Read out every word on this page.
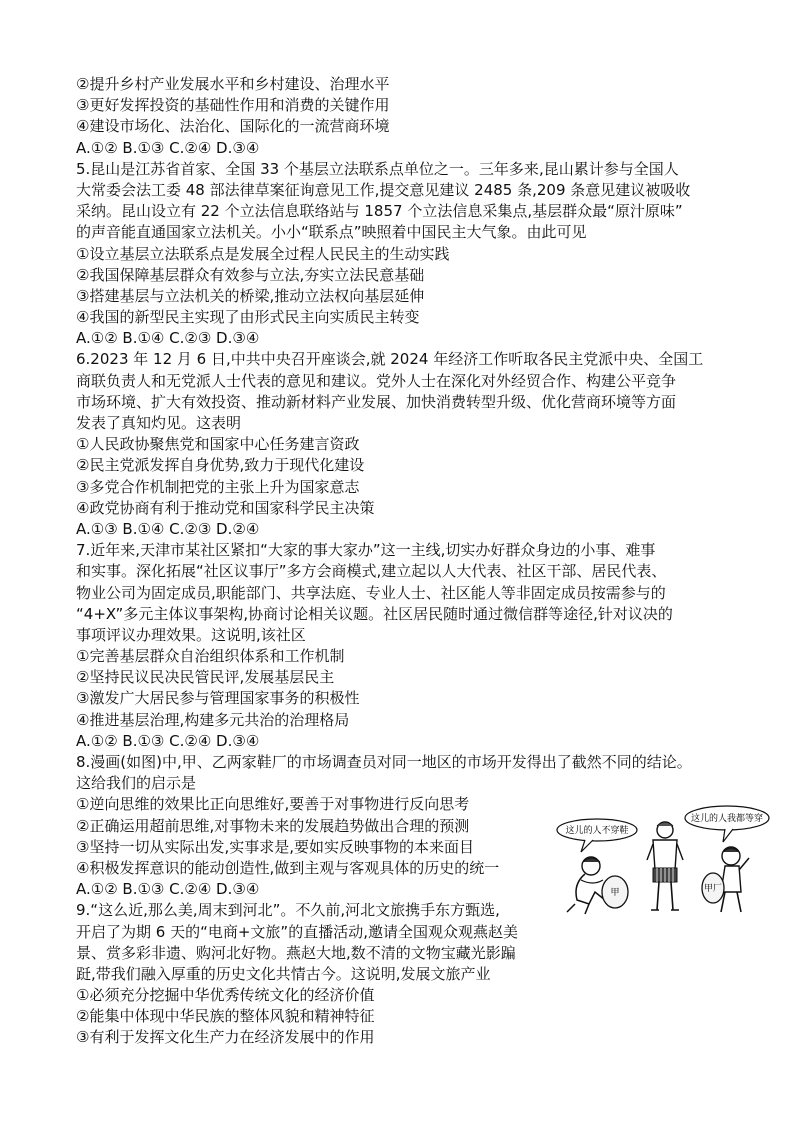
②提升乡村产业发展水平和乡村建设、治理水平
③更好发挥投资的基础性作用和消费的关键作用
④建设市场化、法治化、国际化的一流营商环境
A.①② B.①③ C.②④ D.③④
5.昆山是江苏省首家、全国 33 个基层立法联系点单位之一。三年多来,昆山累计参与全国人
大常委会法工委 48 部法律草案征询意见工作,提交意见建议 2485 条,209 条意见建议被吸收
采纳。昆山设立有 22 个立法信息联络站与 1857 个立法信息采集点,基层群众最“原汁原味”
的声音能直通国家立法机关。小小“联系点”映照着中国民主大气象。由此可见
①设立基层立法联系点是发展全过程人民民主的生动实践
②我国保障基层群众有效参与立法,夯实立法民意基础
③搭建基层与立法机关的桥梁,推动立法权向基层延伸
④我国的新型民主实现了由形式民主向实质民主转变
A.①② B.①④ C.②③ D.③④
6.2023 年 12 月 6 日,中共中央召开座谈会,就 2024 年经济工作听取各民主党派中央、全国工
商联负责人和无党派人士代表的意见和建议。党外人士在深化对外经贸合作、构建公平竞争
市场环境、扩大有效投资、推动新材料产业发展、加快消费转型升级、优化营商环境等方面
发表了真知灼见。这表明
①人民政协聚焦党和国家中心任务建言资政
②民主党派发挥自身优势,致力于现代化建设
③多党合作机制把党的主张上升为国家意志
④政党协商有利于推动党和国家科学民主决策
A.①③ B.①④ C.②③ D.②④
7.近年来,天津市某社区紧扣“大家的事大家办”这一主线,切实办好群众身边的小事、难事
和实事。深化拓展“社区议事厅”多方会商模式,建立起以人大代表、社区干部、居民代表、
物业公司为固定成员,职能部门、共享法庭、专业人士、社区能人等非固定成员按需参与的
“4+X”多元主体议事架构,协商讨论相关议题。社区居民随时通过微信群等途径,针对议决的
事项评议办理效果。这说明,该社区
①完善基层群众自治组织体系和工作机制
②坚持民议民决民管民评,发展基层民主
③激发广大居民参与管理国家事务的积极性
④推进基层治理,构建多元共治的治理格局
A.①② B.①③ C.②④ D.③④
8.漫画(如图)中,甲、乙两家鞋厂的市场调查员对同一地区的市场开发得出了截然不同的结论。
这给我们的启示是
①逆向思维的效果比正向思维好,要善于对事物进行反向思考
②正确运用超前思维,对事物未来的发展趋势做出合理的预测
③坚持一切从实际出发,实事求是,要如实反映事物的本来面目
④积极发挥意识的能动创造性,做到主观与客观具体的历史的统一
A.①② B.①③ C.②④ D.③④
9.“这么近,那么美,周末到河北”。不久前,河北文旅携手东方甄选,
开启了为期 6 天的“电商+文旅”的直播活动,邀请全国观众观燕赵美
景、赏多彩非遗、购河北好物。燕赵大地,数不清的文物宝藏光影蹁
跹,带我们融入厚重的历史文化共情古今。这说明,发展文旅产业
①必须充分挖掘中华优秀传统文化的经济价值
②能集中体现中华民族的整体风貌和精神特征
③有利于发挥文化生产力在经济发展中的作用
这儿的人不穿鞋
这儿的人我都等穿
甲	甲厂
